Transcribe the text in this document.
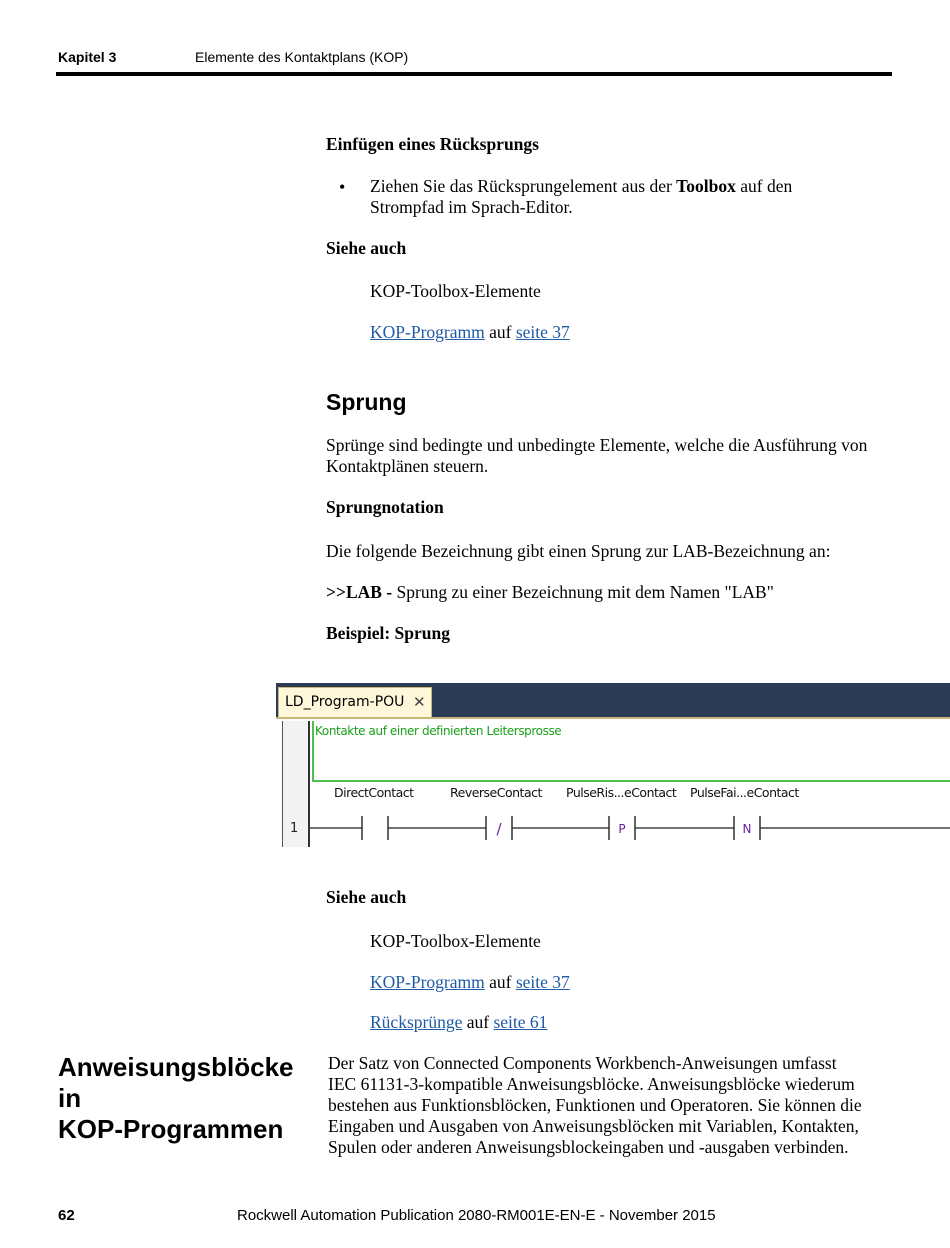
Kapitel 3	Elemente des Kontaktplans (KOP)
Einfügen eines Rücksprungs
• Ziehen Sie das Rücksprungelement aus der Toolbox auf den
Strompfad im Sprach-Editor.
Siehe auch
KOP-Toolbox-Elemente
KOP-Programm auf seite 37
Sprung
Sprünge sind bedingte und unbedingte Elemente, welche die Ausführung von
Kontaktplänen steuern.
Sprungnotation
Die folgende Bezeichnung gibt einen Sprung zur LAB-Bezeichnung an:
>>LAB - Sprung zu einer Bezeichnung mit dem Namen "LAB"
Beispiel: Sprung
LD_Program-POU ✕
1
Kontakte auf einer definierten Leitersprosse
DirectContact	ReverseContact PulseRis...eContact PulseFai...eContact
/	P	N
Siehe auch
KOP-Toolbox-Elemente
KOP-Programm auf seite 37
Rücksprünge auf seite 61
Anweisungsblöcke
in
KOP-Programmen
Der Satz von Connected Components Workbench-Anweisungen umfasst
IEC 61131-3-kompatible Anweisungsblöcke. Anweisungsblöcke wiederum
bestehen aus Funktionsblöcken, Funktionen und Operatoren. Sie können die
Eingaben und Ausgaben von Anweisungsblöcken mit Variablen, Kontakten,
Spulen oder anderen Anweisungsblockeingaben und -ausgaben verbinden.
62	Rockwell Automation Publication 2080-RM001E-EN-E - November 2015
